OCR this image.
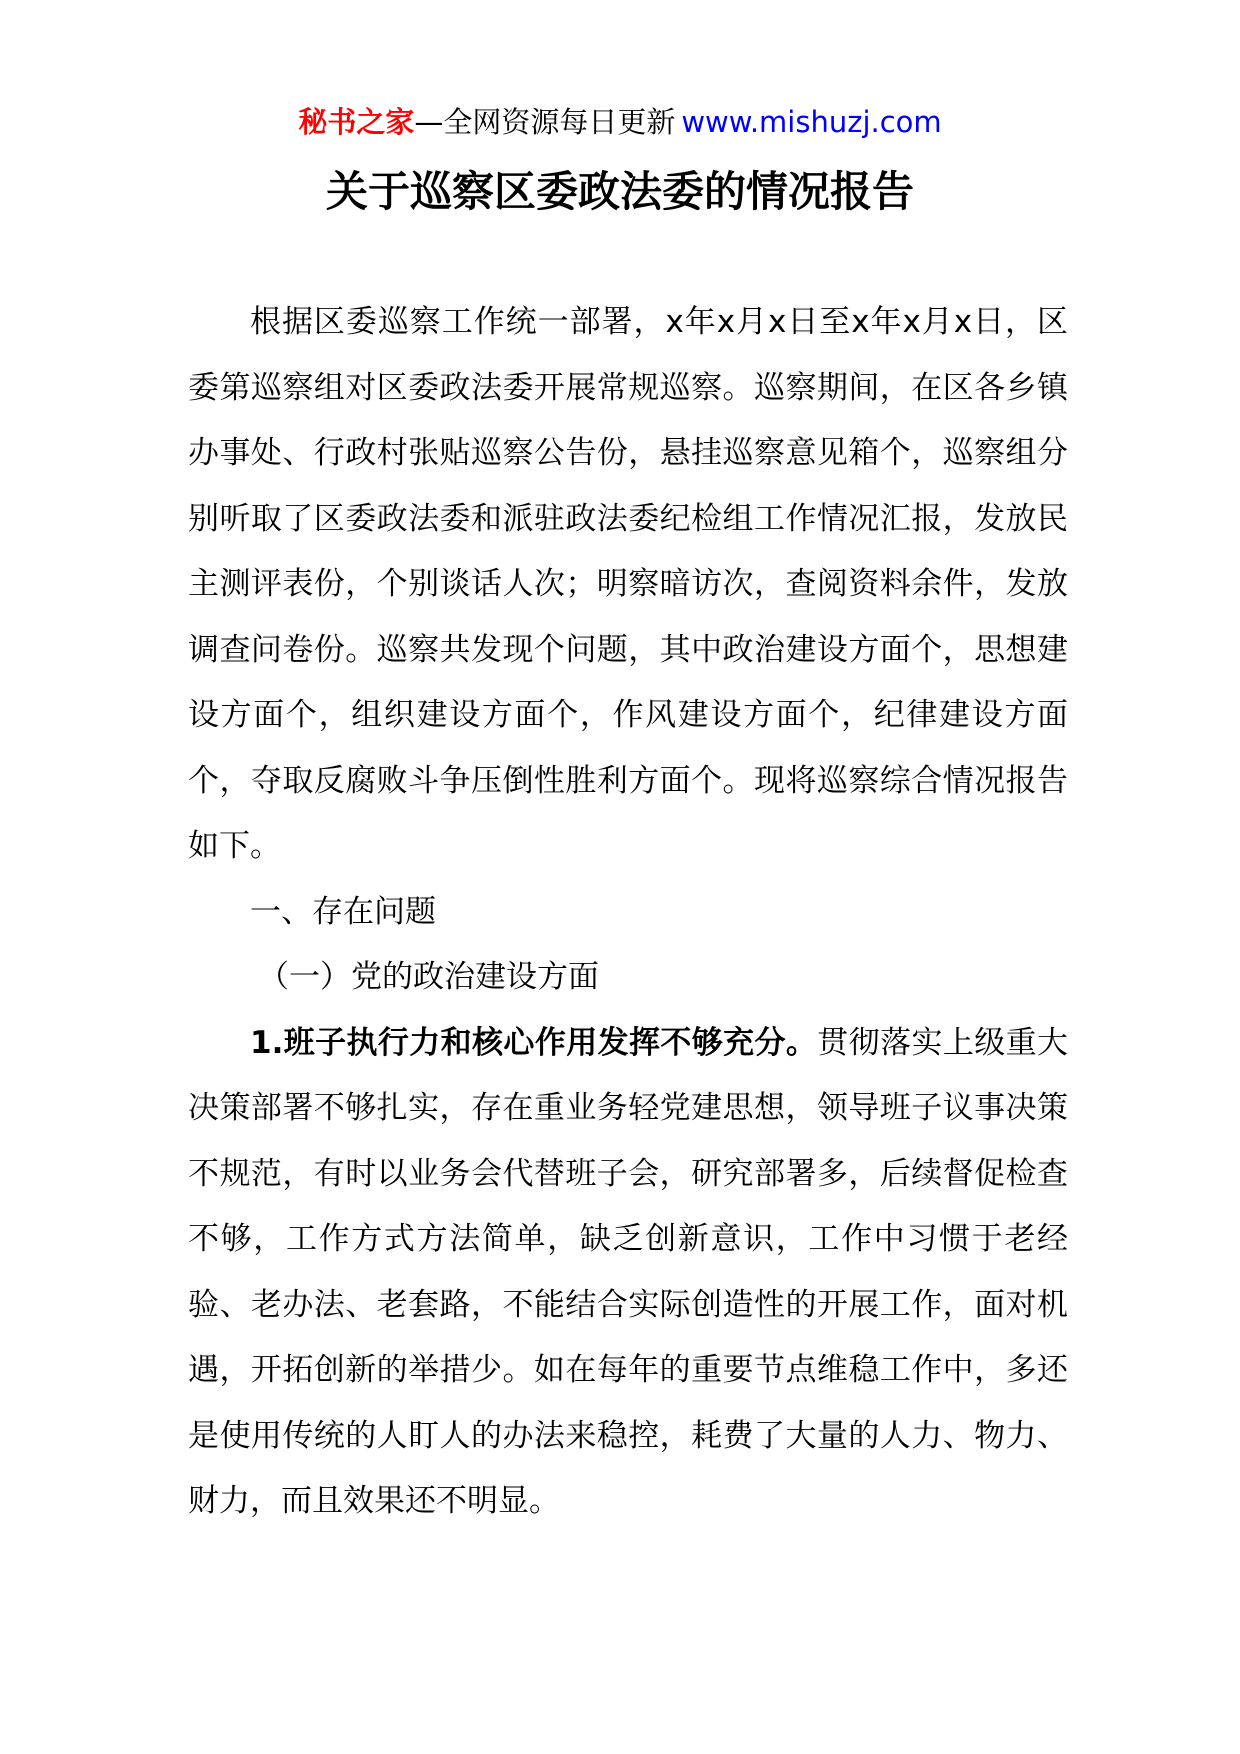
秘书之家—全网资源每日更新 www.mishuzj.com
关于巡察区委政法委的情况报告

根据区委巡察工作统一部署，x年x月x日至x年x月x日，区委第巡察组对区委政法委开展常规巡察。巡察期间，在区各乡镇办事处、行政村张贴巡察公告份，悬挂巡察意见箱个，巡察组分别听取了区委政法委和派驻政法委纪检组工作情况汇报，发放民主测评表份，个别谈话人次；明察暗访次，查阅资料余件，发放调查问卷份。巡察共发现个问题，其中政治建设方面个，思想建设方面个，组织建设方面个，作风建设方面个，纪律建设方面个，夺取反腐败斗争压倒性胜利方面个。现将巡察综合情况报告如下。

一、存在问题

（一）党的政治建设方面

1.班子执行力和核心作用发挥不够充分。贯彻落实上级重大决策部署不够扎实，存在重业务轻党建思想，领导班子议事决策不规范，有时以业务会代替班子会，研究部署多，后续督促检查不够，工作方式方法简单，缺乏创新意识，工作中习惯于老经验、老办法、老套路，不能结合实际创造性的开展工作，面对机遇，开拓创新的举措少。如在每年的重要节点维稳工作中，多还是使用传统的人盯人的办法来稳控，耗费了大量的人力、物力、财力，而且效果还不明显。
